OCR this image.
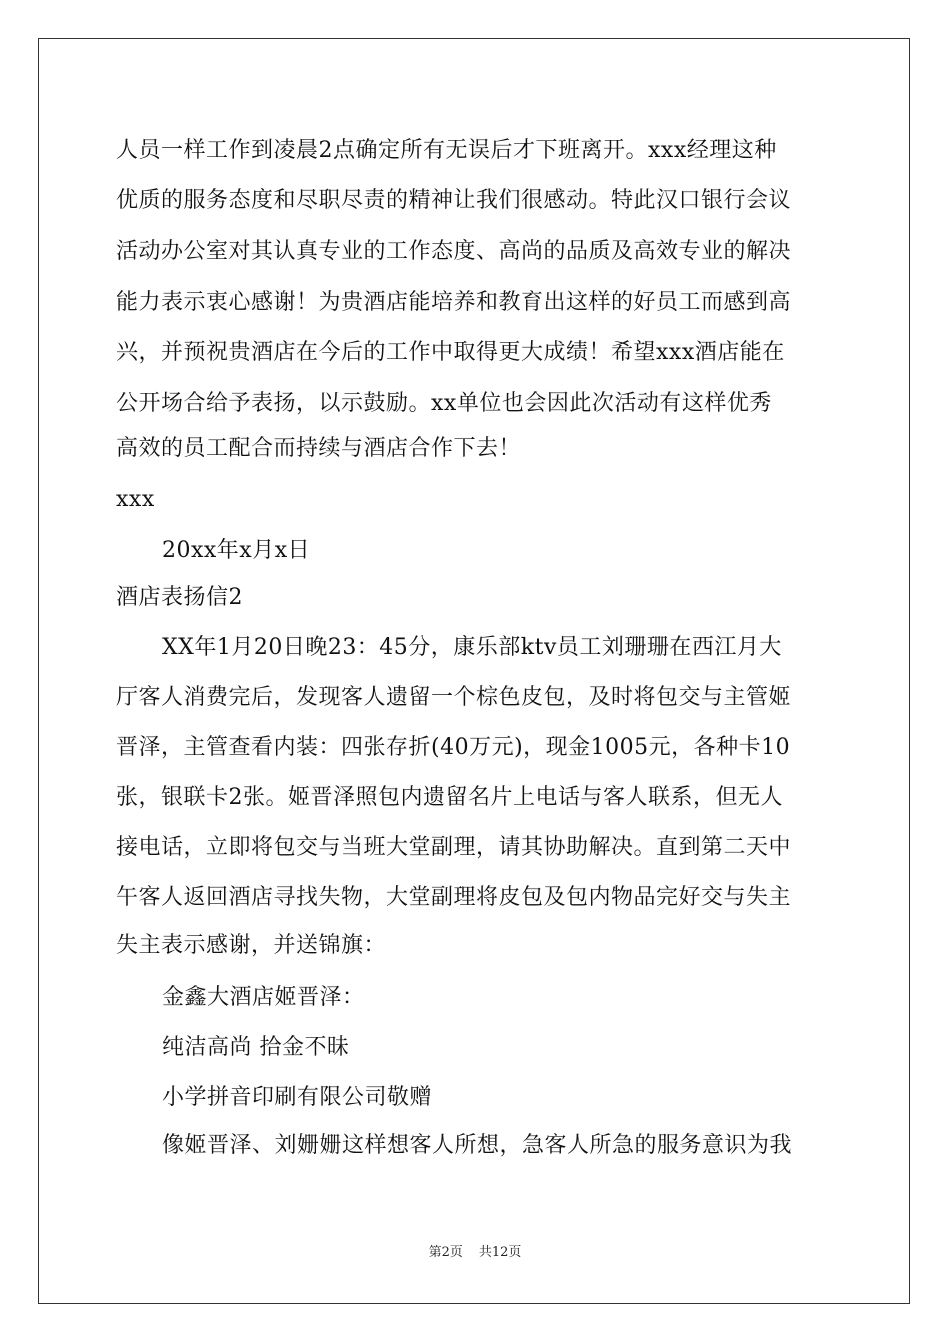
人员一样工作到凌晨2点确定所有无误后才下班离开。xxx经理这种
优质的服务态度和尽职尽责的精神让我们很感动。特此汉口银行会议
活动办公室对其认真专业的工作态度、高尚的品质及高效专业的解决
能力表示衷心感谢！为贵酒店能培养和教育出这样的好员工而感到高
兴，并预祝贵酒店在今后的工作中取得更大成绩！希望xxx酒店能在
公开场合给予表扬，以示鼓励。xx单位也会因此次活动有这样优秀
高效的员工配合而持续与酒店合作下去！
xxx
20xx年x月x日
酒店表扬信2
XX年1月20日晚23：45分，康乐部ktv员工刘珊珊在西江月大
厅客人消费完后，发现客人遗留一个棕色皮包，及时将包交与主管姬
晋泽，主管查看内装：四张存折(40万元)，现金1005元，各种卡10
张，银联卡2张。姬晋泽照包内遗留名片上电话与客人联系，但无人
接电话，立即将包交与当班大堂副理，请其协助解决。直到第二天中
午客人返回酒店寻找失物，大堂副理将皮包及包内物品完好交与失主
失主表示感谢，并送锦旗：
金鑫大酒店姬晋泽：
纯洁高尚 拾金不昧
小学拼音印刷有限公司敬赠
像姬晋泽、刘姗姗这样想客人所想，急客人所急的服务意识为我
第2页 共12页
